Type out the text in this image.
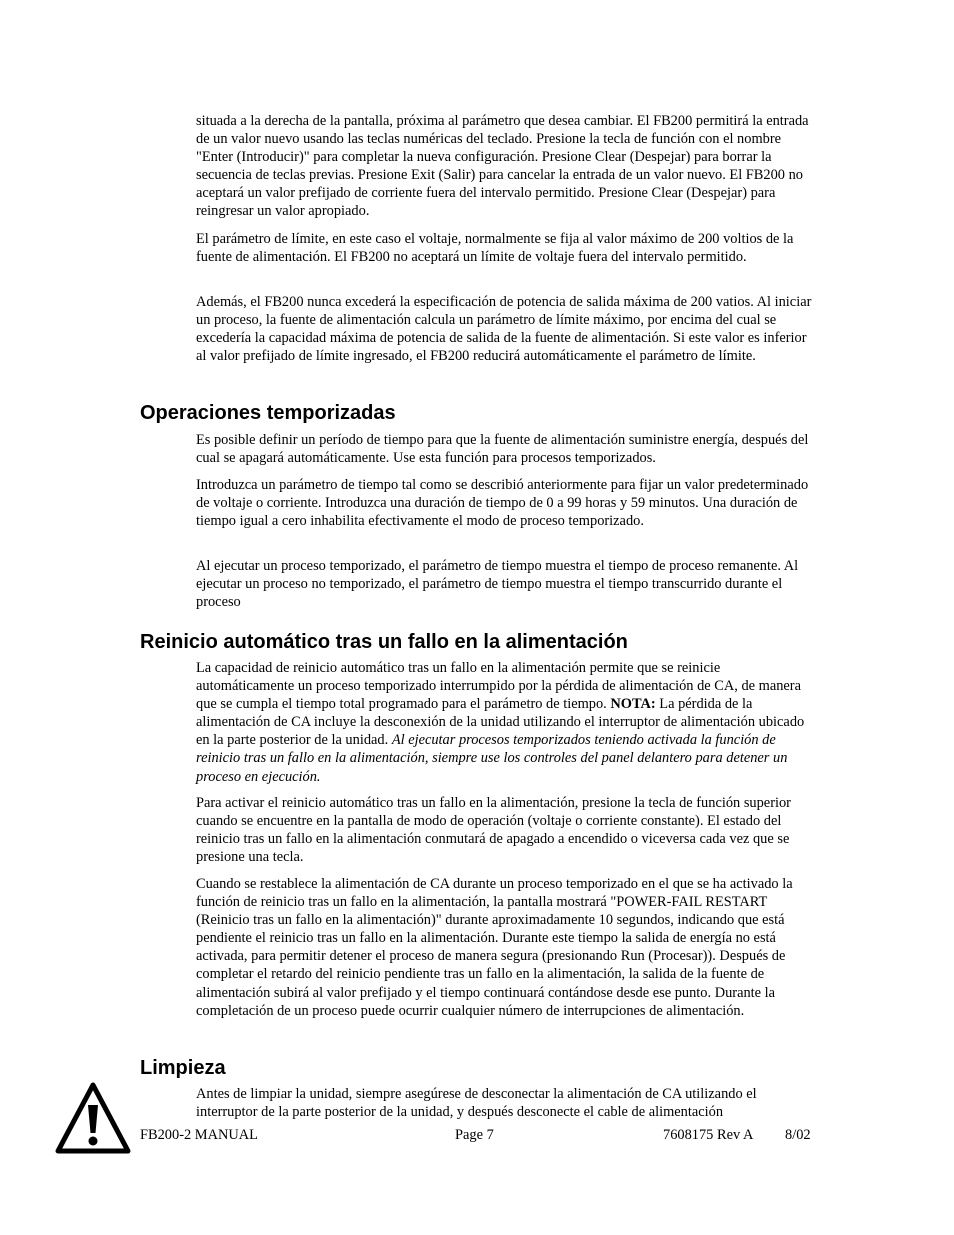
situada a la derecha de la pantalla, próxima al parámetro que desea cambiar. El FB200 permitirá la entrada de un valor nuevo usando las teclas numéricas del teclado. Presione la tecla de función con el nombre "Enter (Introducir)" para completar la nueva configuración. Presione Clear (Despejar) para borrar la secuencia de teclas previas. Presione Exit (Salir) para cancelar la entrada de un valor nuevo. El FB200 no aceptará un valor prefijado de corriente fuera del intervalo permitido. Presione Clear (Despejar) para reingresar un valor apropiado.

El parámetro de límite, en este caso el voltaje, normalmente se fija al valor máximo de 200 voltios de la fuente de alimentación. El FB200 no aceptará un límite de voltaje fuera del intervalo permitido.

Además, el FB200 nunca excederá la especificación de potencia de salida máxima de 200 vatios. Al iniciar un proceso, la fuente de alimentación calcula un parámetro de límite máximo, por encima del cual se excedería la capacidad máxima de potencia de salida de la fuente de alimentación. Si este valor es inferior al valor prefijado de límite ingresado, el FB200 reducirá automáticamente el parámetro de límite.

Operaciones temporizadas

Es posible definir un período de tiempo para que la fuente de alimentación suministre energía, después del cual se apagará automáticamente. Use esta función para procesos temporizados.

Introduzca un parámetro de tiempo tal como se describió anteriormente para fijar un valor predeterminado de voltaje o corriente. Introduzca una duración de tiempo de 0 a 99 horas y 59 minutos. Una duración de tiempo igual a cero inhabilita efectivamente el modo de proceso temporizado.

Al ejecutar un proceso temporizado, el parámetro de tiempo muestra el tiempo de proceso remanente. Al ejecutar un proceso no temporizado, el parámetro de tiempo muestra el tiempo transcurrido durante el proceso

Reinicio automático tras un fallo en la alimentación

La capacidad de reinicio automático tras un fallo en la alimentación permite que se reinicie automáticamente un proceso temporizado interrumpido por la pérdida de alimentación de CA, de manera que se cumpla el tiempo total programado para el parámetro de tiempo. NOTA: La pérdida de la alimentación de CA incluye la desconexión de la unidad utilizando el interruptor de alimentación ubicado en la parte posterior de la unidad. Al ejecutar procesos temporizados teniendo activada la función de reinicio tras un fallo en la alimentación, siempre use los controles del panel delantero para detener un proceso en ejecución.

Para activar el reinicio automático tras un fallo en la alimentación, presione la tecla de función superior cuando se encuentre en la pantalla de modo de operación (voltaje o corriente constante). El estado del reinicio tras un fallo en la alimentación conmutará de apagado a encendido o viceversa cada vez que se presione una tecla.

Cuando se restablece la alimentación de CA durante un proceso temporizado en el que se ha activado la función de reinicio tras un fallo en la alimentación, la pantalla mostrará "POWER-FAIL RESTART (Reinicio tras un fallo en la alimentación)" durante aproximadamente 10 segundos, indicando que está pendiente el reinicio tras un fallo en la alimentación. Durante este tiempo la salida de energía no está activada, para permitir detener el proceso de manera segura (presionando Run (Procesar)). Después de completar el retardo del reinicio pendiente tras un fallo en la alimentación, la salida de la fuente de alimentación subirá al valor prefijado y el tiempo continuará contándose desde ese punto. Durante la completación de un proceso puede ocurrir cualquier número de interrupciones de alimentación.

Limpieza

Antes de limpiar la unidad, siempre asegúrese de desconectar la alimentación de CA utilizando el interruptor de la parte posterior de la unidad, y después desconecte el cable de alimentación

FB200-2 MANUAL	Page 7	7608175 Rev A 8/02
